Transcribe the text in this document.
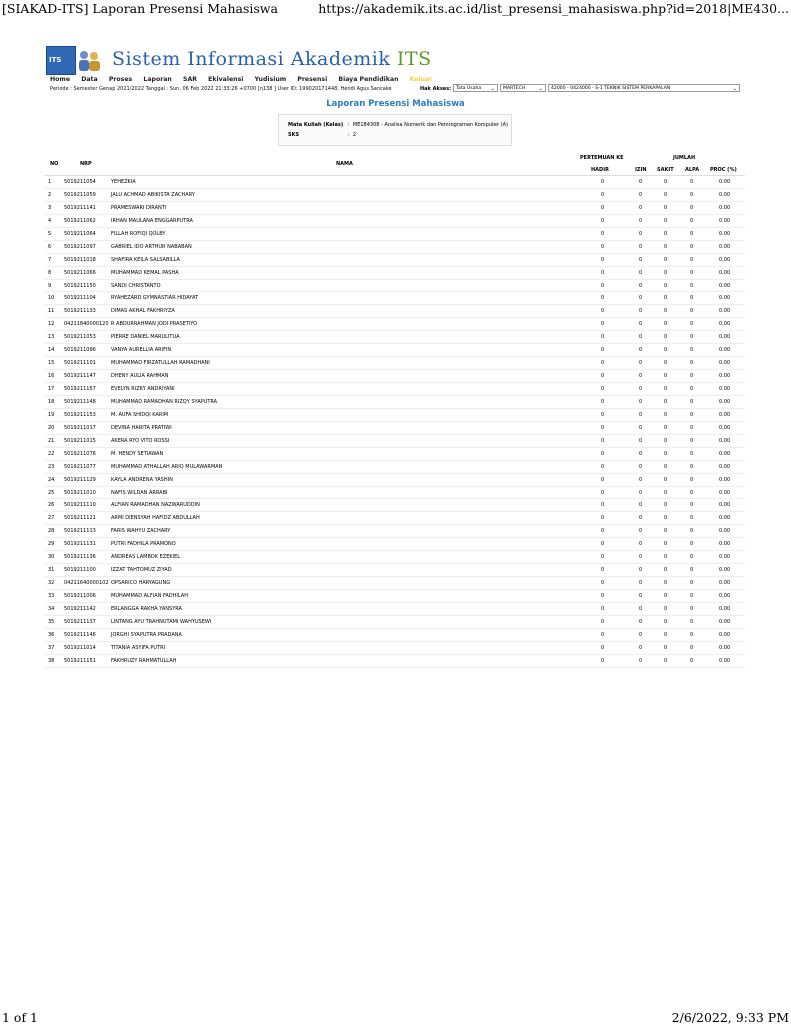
[SIAKAD-ITS] Laporan Presensi Mahasiswa	https://akademik.its.ac.id/list_presensi_mahasiswa.php?id=2018|ME430...
ITS	Sistem Informasi Akademik ITS
Home Data Proses Laporan SAR Ekivalensi Yudisium Presensi Biaya Pendidikan Keluar
Periode : Semester Genap 2021/2022 Tanggal : Sun, 06 Feb 2022 21:33:26 +0700 [n138 ] User ID: 199020171448, Hendi Agus Sancake	Hak Akses:	Tata Usaha ⌄	MARTECH	⌄	42000 - 0424000 - S-1 TEKNIK SISTEM PERKAPALAN	⌄
Laporan Presensi Mahasiswa
Mata Kuliah (Kelas) : ME184308 - Analisa Numerik dan Pemrograman Komputer (A)
SKS	: 2
NO	NRP	NAMA
PERTEMUAN KE	JUMLAH
HADIR	IZIN SAKIT ALPA PROC (%)
1	5019211054	YEHEZKIA	0	0	0	0	0.00
2	5019211059	JALU ACHMAD ABIKISTA ZACHARY	0	0	0	0	0.00
3	5019211141	PRAMESWARI DIRANTI	0	0	0	0	0.00
4	5019211062	IRHAN MAULANA ENGGARPUTRA	0	0	0	0	0.00
5	5019211064	FILLAH ROFIQI QOLBY	0	0	0	0	0.00
6	5019211097	GABRIEL IDO ARTHUR NABABAN	0	0	0	0	0.00
7	5019211018	SHAFIRA KEILA SALSABILLA	0	0	0	0	0.00
8	5019211066	MUHAMMAD KEMAL PASHA	0	0	0	0	0.00
9	5019211150	SANDI CHRISTANTO	0	0	0	0	0.00
10 5019211104	RYAHEZARD GYMNASTIAR HIDAYAT	0	0	0	0	0.00
11 5019211133	DIMAS AKHAL FAKHRIYZA	0	0	0	0	0.00
12 04211840000120 R ABDURRAHMAN JODI PRASETIYO	0	0	0	0	0.00
13 5019211053	PIERRE DANIEL MARULITUA	0	0	0	0	0.00
14 5019211096	VANYA AURELLIA ARIFIN	0	0	0	0	0.00
15 5019211101	MUHAMMAD FIRZATULLAH RAMADHANI	0	0	0	0	0.00
16 5019211147	DHENY AULIA RAHMAN	0	0	0	0	0.00
17 5019211157	EVELYN RIZKY ANDRIYANI	0	0	0	0	0.00
18 5019211148	MUHAMMAD RAMADHAN RIZQY SYAPUTRA	0	0	0	0	0.00
19 5019211153	M. AUFA SHIDQI KARIM	0	0	0	0	0.00
20 5019211017	DEVINA HARITA PRATIWI	0	0	0	0	0.00
21 5019211015	AKERA RYO VITO ROSSI	0	0	0	0	0.00
22 5019211076	M. HENDY SETIAWAN	0	0	0	0	0.00
23 5019211077	MUHAMMAD ATHALLAH ARIQ MULAWARMAN	0	0	0	0	0.00
24 5019211129	KAYLA ANDRENA YASHIN	0	0	0	0	0.00
25 5019211010	NAFIS WILDAN ARRABI	0	0	0	0	0.00
26 5019211110	ALFIAN RAMADHAN NAZWARUDDIN	0	0	0	0	0.00
27 5019211121	ARMI DIENSYAH HAFIDZ ABDULLAH	0	0	0	0	0.00
28 5019211113	FARIS WAHYU ZACHARY	0	0	0	0	0.00
29 5019211131	PUTRI FADHILA PRAMONO	0	0	0	0	0.00
30 5019211136	ANDREAS LAMBOK EZEKIEL	0	0	0	0	0.00
31 5019211100	IZZAT TAHTOMUZ ZIYAD	0	0	0	0	0.00
32 04211640000102 OPSARICO HARYAGUNG	0	0	0	0	0.00
33 5019211006	MUHAMMAD ALFIAN FADHILAH	0	0	0	0	0.00
34 5019211142	ERLANGGA RAKHA YANSYRA	0	0	0	0	0.00
35 5019211137	LINTANG AYU TRAHNUTAMI WAHYUSEWI	0	0	0	0	0.00
36 5019211146	JORGHI SYAPUTRA PRADANA	0	0	0	0	0.00
37 5019211014	TITANIA ASYIFA PUTRI	0	0	0	0	0.00
38 5019211151	FAKHRUZY RAHMATULLAH	0	0	0	0	0.00
1 of 1	2/6/2022, 9:33 PM
